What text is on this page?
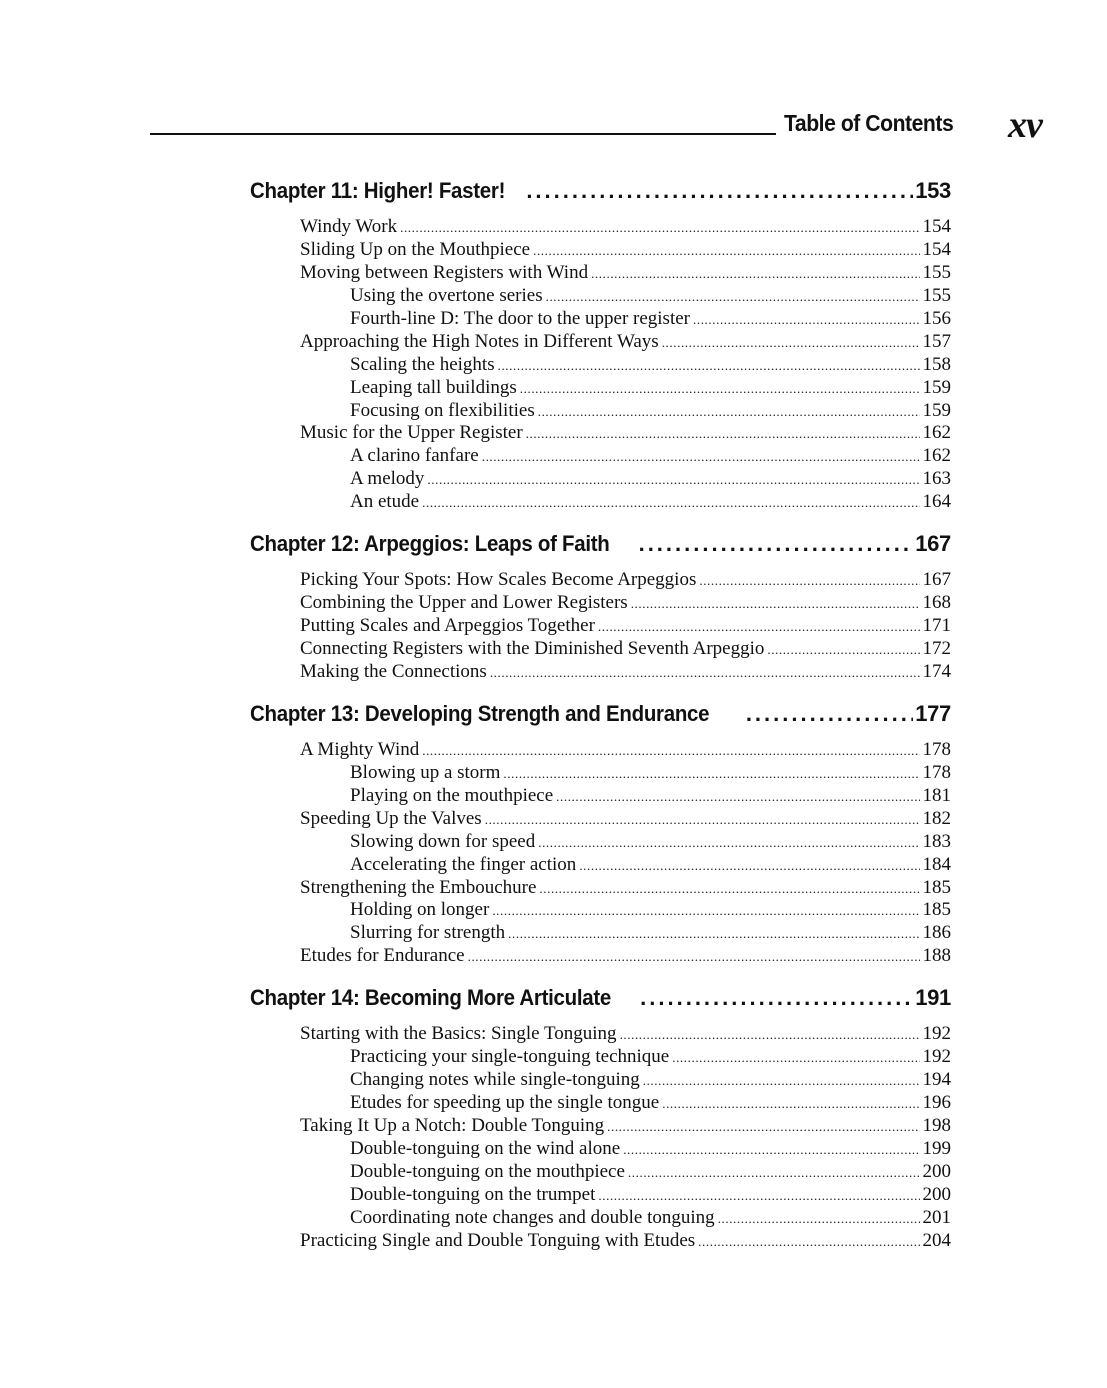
Table of Contents xv
Chapter 11: Higher! Faster! .....	153
Windy Work .....	154
Sliding Up on the Mouthpiece .....	154
Moving between Registers with Wind .....	155
Using the overtone series .....	155
Fourth-line D: The door to the upper register .....	156
Approaching the High Notes in Different Ways .....	157
Scaling the heights .....	158
Leaping tall buildings .....	159
Focusing on flexibilities .....	159
Music for the Upper Register .....	162
A clarino fanfare .....	162
A melody .....	163
An etude .....	164
Chapter 12: Arpeggios: Leaps of Faith .....	167
Picking Your Spots: How Scales Become Arpeggios .....	167
Combining the Upper and Lower Registers .....	168
Putting Scales and Arpeggios Together .....	171
Connecting Registers with the Diminished Seventh Arpeggio .....	172
Making the Connections .....	174
Chapter 13: Developing Strength and Endurance .....	177
A Mighty Wind .....	178
Blowing up a storm .....	178
Playing on the mouthpiece .....	181
Speeding Up the Valves .....	182
Slowing down for speed .....	183
Accelerating the finger action .....	184
Strengthening the Embouchure .....	185
Holding on longer .....	185
Slurring for strength .....	186
Etudes for Endurance .....	188
Chapter 14: Becoming More Articulate .....	191
Starting with the Basics: Single Tonguing .....	192
Practicing your single-tonguing technique .....	192
Changing notes while single-tonguing .....	194
Etudes for speeding up the single tongue .....	196
Taking It Up a Notch: Double Tonguing .....	198
Double-tonguing on the wind alone .....	199
Double-tonguing on the mouthpiece .....	200
Double-tonguing on the trumpet .....	200
Coordinating note changes and double tonguing .....	201
Practicing Single and Double Tonguing with Etudes .....	204
